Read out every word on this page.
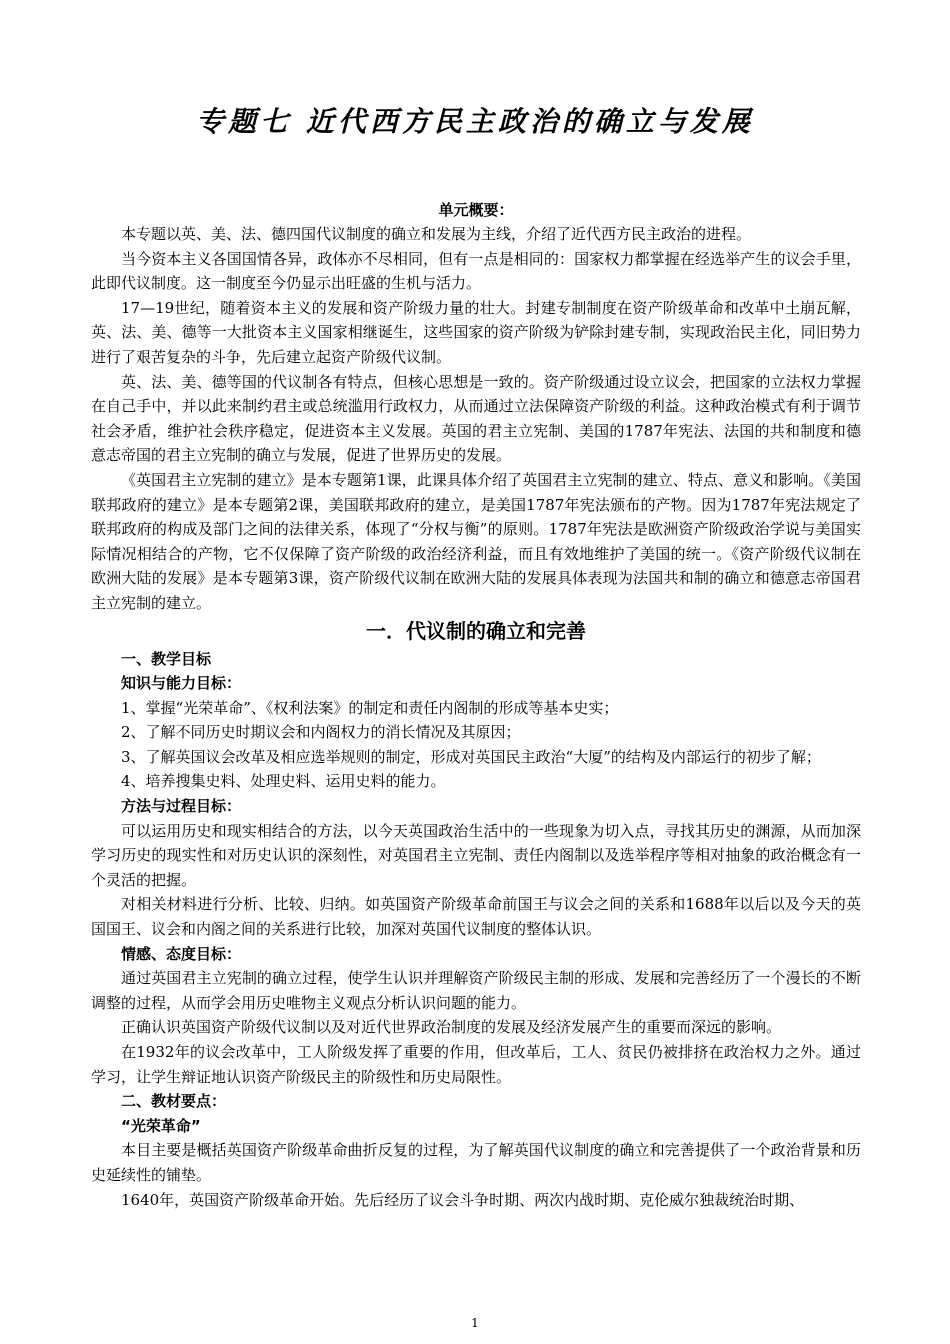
专题七 近代西方民主政治的确立与发展
单元概要：

本专题以英、美、法、德四国代议制度的确立和发展为主线，介绍了近代西方民主政治的进程。

当今资本主义各国国情各异，政体亦不尽相同，但有一点是相同的：国家权力都掌握在经选举产生的议会手里，此即代议制度。这一制度至今仍显示出旺盛的生机与活力。

17—19世纪，随着资本主义的发展和资产阶级力量的壮大。封建专制制度在资产阶级革命和改革中土崩瓦解，英、法、美、德等一大批资本主义国家相继诞生，这些国家的资产阶级为铲除封建专制，实现政治民主化，同旧势力进行了艰苦复杂的斗争，先后建立起资产阶级代议制。

英、法、美、德等国的代议制各有特点，但核心思想是一致的。资产阶级通过设立议会，把国家的立法权力掌握在自己手中，并以此来制约君主或总统滥用行政权力，从而通过立法保障资产阶级的利益。这种政治模式有利于调节社会矛盾，维护社会秩序稳定，促进资本主义发展。英国的君主立宪制、美国的1787年宪法、法国的共和制度和德意志帝国的君主立宪制的确立与发展，促进了世界历史的发展。

《英国君主立宪制的建立》是本专题第1课，此课具体介绍了英国君主立宪制的建立、特点、意义和影响。《美国联邦政府的建立》是本专题第2课，美国联邦政府的建立，是美国1787年宪法颁布的产物。因为1787年宪法规定了联邦政府的构成及部门之间的法律关系，体现了“分权与衡”的原则。1787年宪法是欧洲资产阶级政治学说与美国实际情况相结合的产物，它不仅保障了资产阶级的政治经济利益，而且有效地维护了美国的统一。《资产阶级代议制在欧洲大陆的发展》是本专题第3课，资产阶级代议制在欧洲大陆的发展具体表现为法国共和制的确立和德意志帝国君主立宪制的建立。

一．代议制的确立和完善
一、教学目标
知识与能力目标：

1、掌握“光荣革命”、《权利法案》的制定和责任内阁制的形成等基本史实；

2、了解不同历史时期议会和内阁权力的消长情况及其原因；

3、了解英国议会改革及相应选举规则的制定，形成对英国民主政治“大厦”的结构及内部运行的初步了解；

4、培养搜集史料、处理史料、运用史料的能力。

方法与过程目标：

可以运用历史和现实相结合的方法，以今天英国政治生活中的一些现象为切入点，寻找其历史的渊源，从而加深学习历史的现实性和对历史认识的深刻性，对英国君主立宪制、责任内阁制以及选举程序等相对抽象的政治概念有一个灵活的把握。

对相关材料进行分析、比较、归纳。如英国资产阶级革命前国王与议会之间的关系和1688年以后以及今天的英国国王、议会和内阁之间的关系进行比较，加深对英国代议制度的整体认识。

情感、态度目标：

通过英国君主立宪制的确立过程，使学生认识并理解资产阶级民主制的形成、发展和完善经历了一个漫长的不断调整的过程，从而学会用历史唯物主义观点分析认识问题的能力。

正确认识英国资产阶级代议制以及对近代世界政治制度的发展及经济发展产生的重要而深远的影响。

在1932年的议会改革中，工人阶级发挥了重要的作用，但改革后，工人、贫民仍被排挤在政治权力之外。通过学习，让学生辩证地认识资产阶级民主的阶级性和历史局限性。

二、教材要点：
“光荣革命”

本目主要是概括英国资产阶级革命曲折反复的过程，为了解英国代议制度的确立和完善提供了一个政治背景和历史延续性的铺垫。

1640年，英国资产阶级革命开始。先后经历了议会斗争时期、两次内战时期、克伦威尔独裁统治时期、

1
